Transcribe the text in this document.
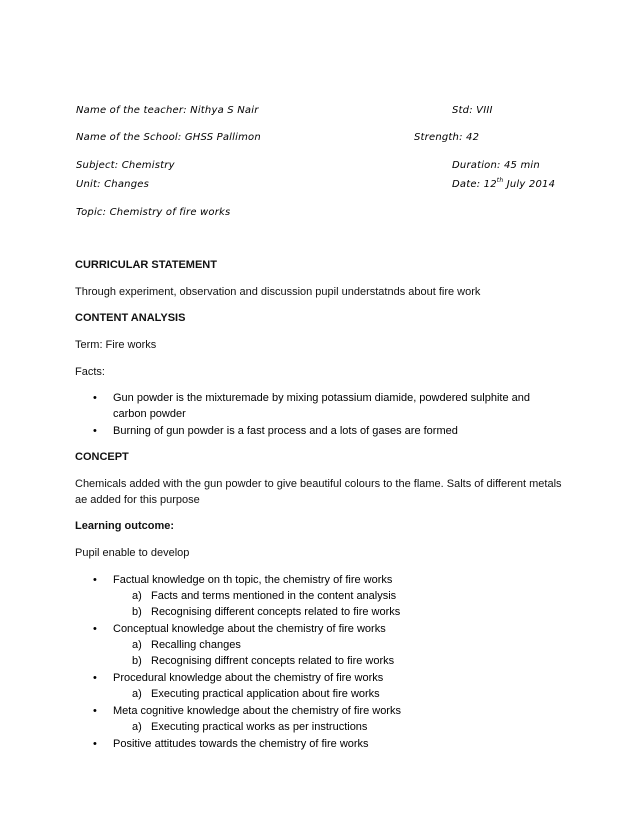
Name of the teacher: Nithya S Nair	Std: VIII
Name of the School: GHSS Pallimon	Strength: 42
Subject: Chemistry	Duration: 45 min
Unit: Changes	Date: 12th July 2014
Topic: Chemistry of fire works
CURRICULAR STATEMENT
Through experiment, observation and discussion pupil understatnds about fire work
CONTENT ANALYSIS
Term: Fire works
Facts:
• Gun powder is the mixturemade by mixing potassium diamide, powdered sulphite and carbon powder
• Burning of gun powder is a fast process and a lots of gases are formed
CONCEPT
Chemicals added with the gun powder to give beautiful colours to the flame. Salts of different metals ae added for this purpose
Learning outcome:
Pupil enable to develop
• Factual knowledge on th topic, the chemistry of fire works
a) Facts and terms mentioned in the content analysis
b) Recognising different concepts related to fire works
• Conceptual knowledge about the chemistry of fire works
a) Recalling changes
b) Recognising diffrent concepts related to fire works
• Procedural knowledge about the chemistry of fire works
a) Executing practical application about fire works
• Meta cognitive knowledge about the chemistry of fire works
a) Executing practical works as per instructions
• Positive attitudes towards the chemistry of fire works
